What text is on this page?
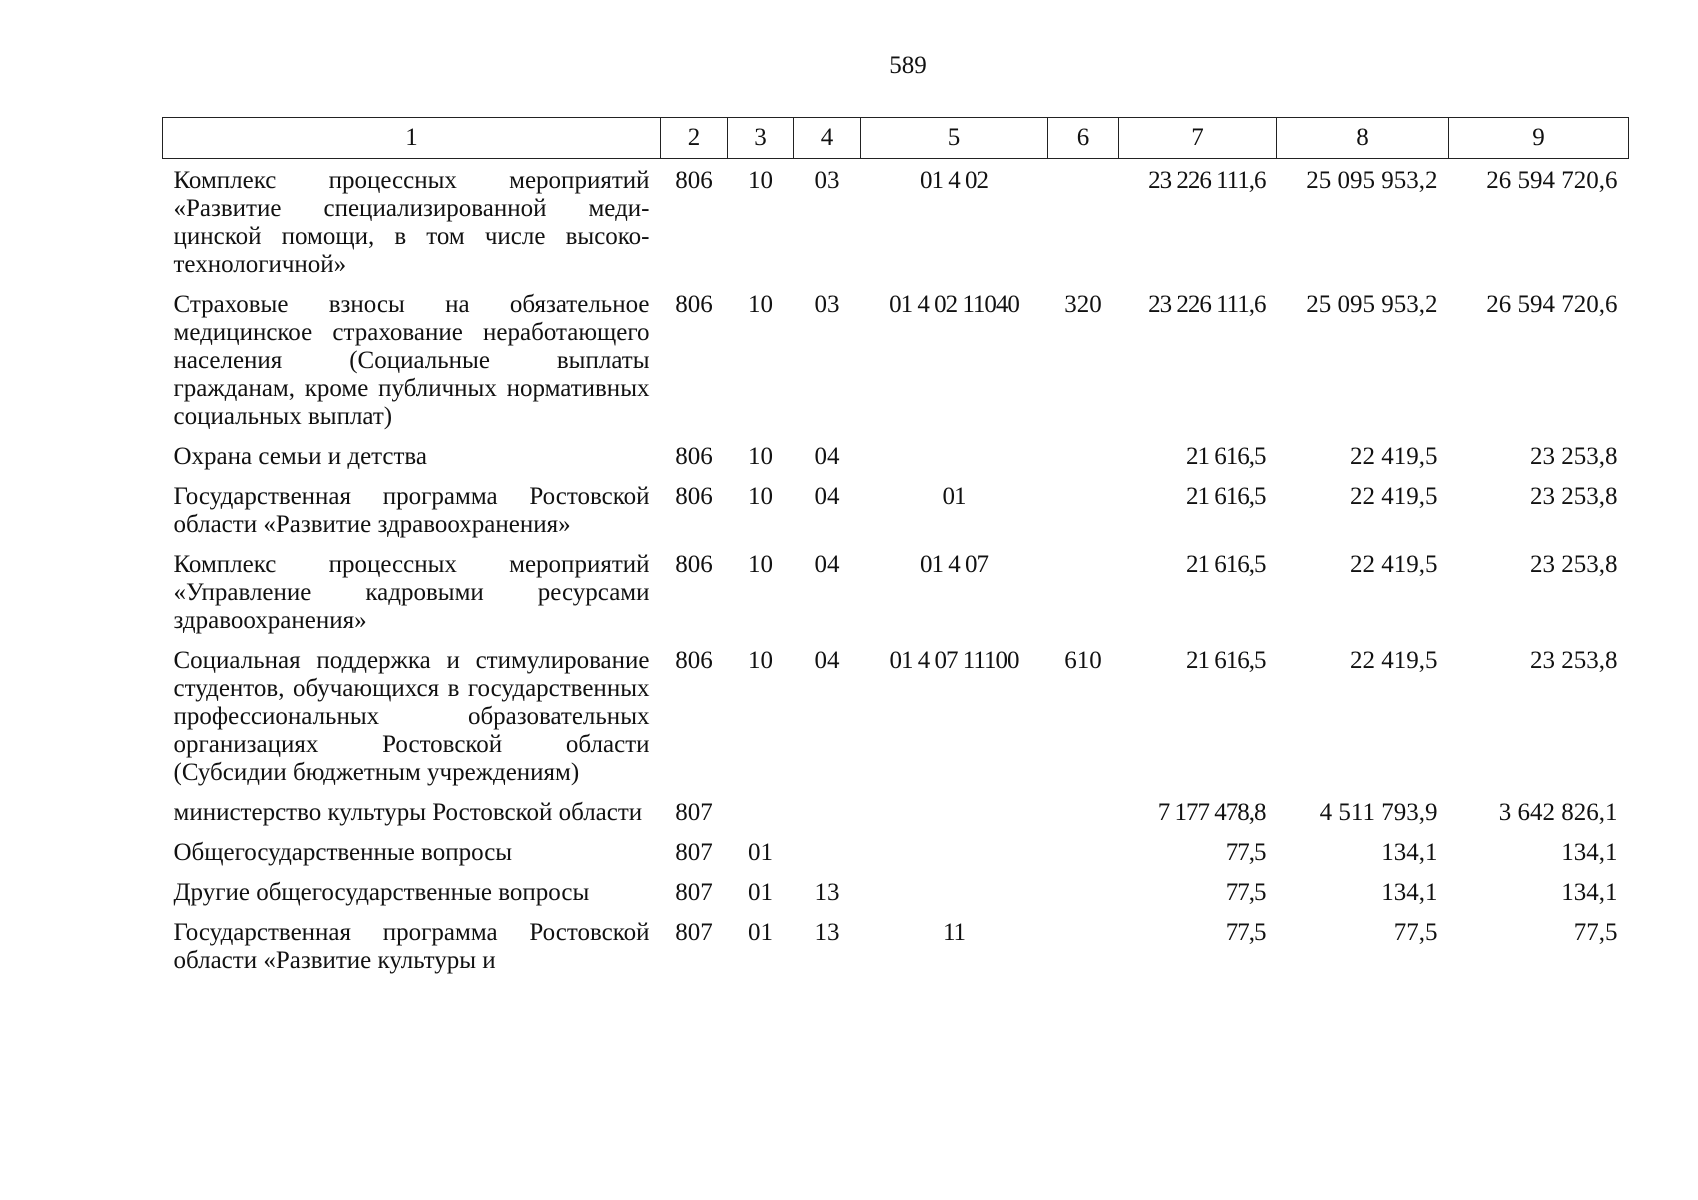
589
1	2	3	4	5	6	7	8	9
Комплекс процессных мероприятий «Развитие специализированной медицинской помощи, в том числе высокотехнологичной»	806	10	03	01 4 02		23 226 111,6	25 095 953,2	26 594 720,6
Страховые взносы на обязательное медицинское страхование неработающего населения (Социальные выплаты гражданам, кроме публичных нормативных социальных выплат)	806	10	03	01 4 02 11040	320	23 226 111,6	25 095 953,2	26 594 720,6
Охрана семьи и детства	806	10	04			21 616,5	22 419,5	23 253,8
Государственная программа Ростовской области «Развитие здравоохранения»	806	10	04	01		21 616,5	22 419,5	23 253,8
Комплекс процессных мероприятий «Управление кадровыми ресурсами здравоохранения»	806	10	04	01 4 07		21 616,5	22 419,5	23 253,8
Социальная поддержка и стимулирование студентов, обучающихся в государственных профессиональных образовательных организациях Ростовской области (Субсидии бюджетным учреждениям)	806	10	04	01 4 07 11100	610	21 616,5	22 419,5	23 253,8
министерство культуры Ростовской области	807					7 177 478,8	4 511 793,9	3 642 826,1
Общегосударственные вопросы	807	01				77,5	134,1	134,1
Другие общегосударственные вопросы	807	01	13			77,5	134,1	134,1
Государственная программа Ростовской области «Развитие культуры и	807	01	13	11		77,5	77,5	77,5
